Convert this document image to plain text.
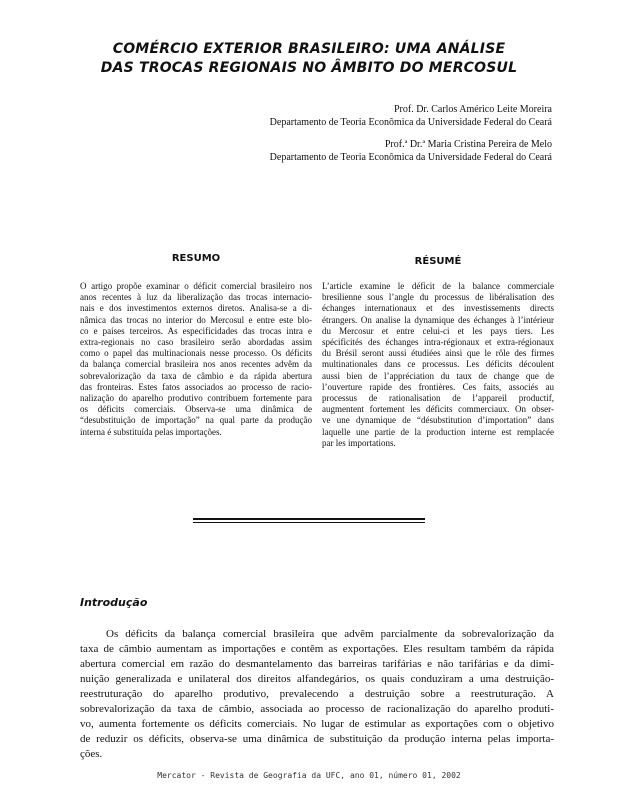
COMÉRCIO EXTERIOR BRASILEIRO: UMA ANÁLISE
DAS TROCAS REGIONAIS NO ÂMBITO DO MERCOSUL
Prof. Dr. Carlos Américo Leite Moreira
Departamento de Teoria Econômica da Universidade Federal do Ceará
Prof.ª Dr.ª Maria Cristina Pereira de Melo
Departamento de Teoria Econômica da Universidade Federal do Ceará
RESUMO	RÉSUMÉ
O artigo propõe examinar o déficit comercial brasileiro nos
anos recentes à luz da liberalização das trocas internacio-
nais e dos investimentos externos diretos. Analisa-se a di-
nâmica das trocas no interior do Mercosul e entre este blo-
co e países terceiros. As especificidades das trocas intra e
extra-regionais no caso brasileiro serão abordadas assim
como o papel das multinacionais nesse processo. Os déficits
da balança comercial brasileira nos anos recentes advêm da
sobrevalorização da taxa de câmbio e da rápida abertura
das fronteiras. Estes fatos associados ao processo de racio-
nalização do aparelho produtivo contribuem fortemente para
os déficits comerciais. Observa-se uma dinâmica de
“desubstituição de importação” na qual parte da produção
interna é substituída pelas importações.
L’article examine le déficit de la balance commerciale
bresilienne sous l’angle du processus de libéralisation des
échanges internationaux et des investissements directs
étrangers. On analise la dynamique des échanges à l’intérieur
du Mercosur et entre celui-ci et les pays tiers. Les
spécificités des échanges intra-régionaux et extra-régionaux
du Brésil seront aussi étudiées ainsi que le rôle des firmes
multinationales dans ce processus. Les déficits découlent
aussi bien de l’appréciation du taux de change que de
l’ouverture rapide des frontières. Ces faits, associés au
processus de rationalisation de l’appareil productif,
augmentent fortement les déficits commerciaux. On obser-
ve une dynamique de “désubstitution d’importation” dans
laquelle une partie de la production interne est remplacée
par les importations.
Introdução
Os déficits da balança comercial brasileira que advêm parcialmente da sobrevalorização da
taxa de câmbio aumentam as importações e contêm as exportações. Eles resultam também da rápida
abertura comercial em razão do desmantelamento das barreiras tarifárias e não tarifárias e da dimi-
nuição generalizada e unilateral dos direitos alfandegários, os quais conduziram a uma destruição-
reestruturação do aparelho produtivo, prevalecendo a destruição sobre a reestruturação. A
sobrevalorização da taxa de câmbio, associada ao processo de racionalização do aparelho produti-
vo, aumenta fortemente os déficits comerciais. No lugar de estimular as exportações com o objetivo
de reduzir os déficits, observa-se uma dinâmica de substituição da produção interna pelas importa-
ções.
Mercator - Revista de Geografia da UFC, ano 01, número 01, 2002
